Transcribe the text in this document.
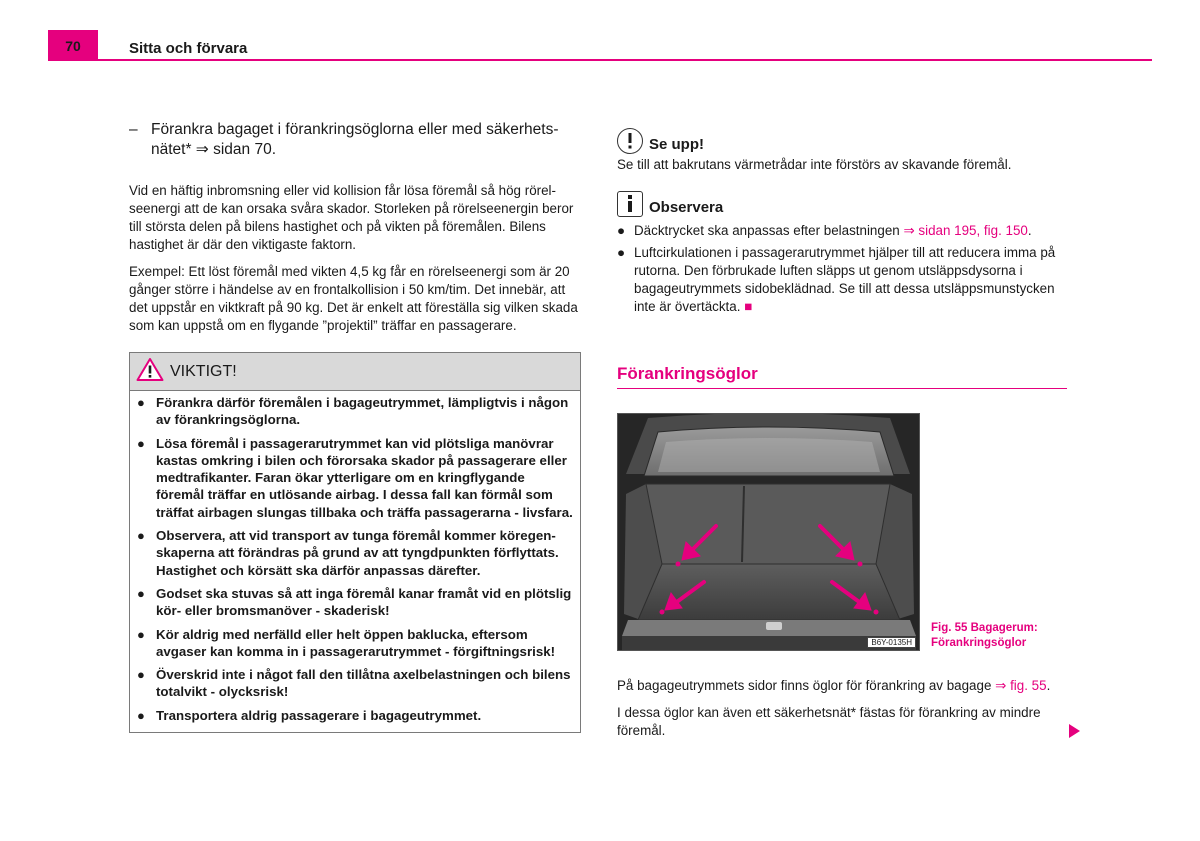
70	Sitta och förvara
– Förankra bagaget i förankringsöglorna eller med säkerhets-
nätet* ⇒ sidan 70.

Vid en häftig inbromsning eller vid kollision får lösa föremål så hög rörel-seenergi att de kan orsaka svåra skador. Storleken på rörelseenergin beror till största delen på bilens hastighet och på vikten på föremålen. Bilens hastighet är där den viktigaste faktorn.

Exempel: Ett löst föremål med vikten 4,5 kg får en rörelseenergi som är 20 gånger större i händelse av en frontalkollision i 50 km/tim. Det innebär, att det uppstår en viktkraft på 90 kg. Det är enkelt att föreställa sig vilken skada som kan uppstå om en flygande ”projektil” träffar en passagerare.

VIKTIGT!
● Förankra därför föremålen i bagageutrymmet, lämpligtvis i någon av förankringsöglorna.
● Lösa föremål i passagerarutrymmet kan vid plötsliga manövrar kastas omkring i bilen och förorsaka skador på passagerare eller medtrafikanter. Faran ökar ytterligare om en kringflygande föremål träffar en utlösande airbag. I dessa fall kan förmål som träffat airbagen slungas tillbaka och träffa passagerarna - livsfara.
● Observera, att vid transport av tunga föremål kommer köregen-skaperna att förändras på grund av att tyngdpunkten förflyttats. Hastighet och körsätt ska därför anpassas därefter.
● Godset ska stuvas så att inga föremål kanar framåt vid en plötslig kör- eller bromsmanöver - skaderisk!
● Kör aldrig med nerfälld eller helt öppen baklucka, eftersom avgaser kan komma in i passagerarutrymmet - förgiftningsrisk!
● Överskrid inte i något fall den tillåtna axelbelastningen och bilens totalvikt - olycksrisk!
● Transportera aldrig passagerare i bagageutrymmet.
Se upp!
Se till att bakrutans värmetrådar inte förstörs av skavande föremål.
Observera
● Däcktrycket ska anpassas efter belastningen ⇒ sidan 195, fig. 150.
● Luftcirkulationen i passagerarutrymmet hjälper till att reducera imma på rutorna. Den förbrukade luften släpps ut genom utsläppsdysorna i bagageutrymmets sidobeklädnad. Se till att dessa utsläppsmunstycken inte är övertäckta. ■
Förankringsöglor
B6Y-0135H
Fig. 55 Bagagerum:
Förankringsöglor

På bagageutrymmets sidor finns öglor för förankring av bagage ⇒ fig. 55.

I dessa öglor kan även ett säkerhetsnät* fästas för förankring av mindre föremål.
